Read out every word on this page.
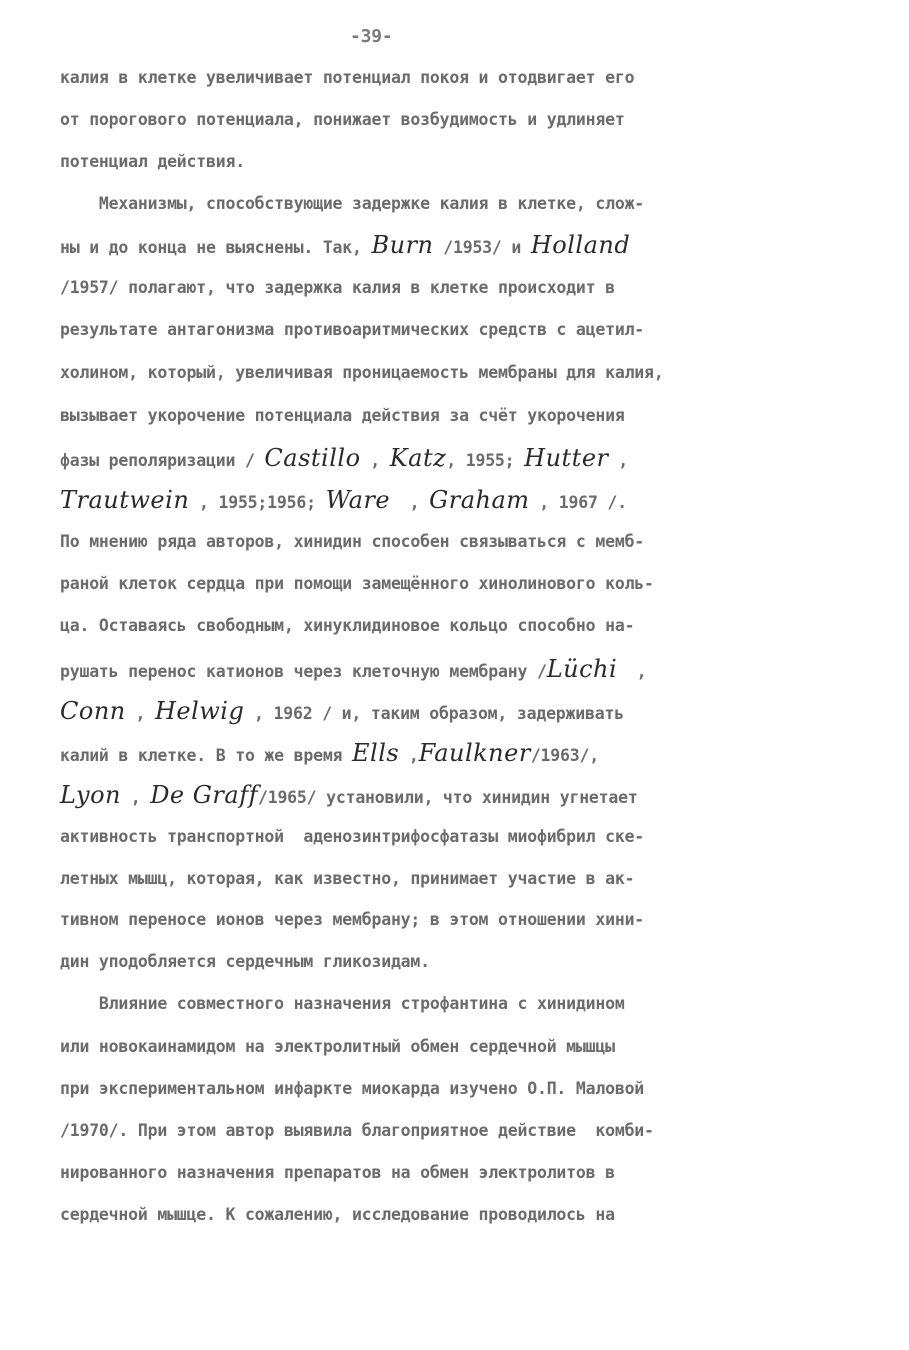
-39-
калия в клетке увеличивает потенциал покоя и отодвигает его
от порогового потенциала, понижает возбудимость и удлиняет
потенциал действия.
Механизмы, способствующие задержке калия в клетке, слож-
ны и до конца не выяснены. Так, Burn /1953/ и Holland
/1957/ полагают, что задержка калия в клетке происходит в
результате антагонизма противоаритмических средств с ацетил-
холином, который, увеличивая проницаемость мембраны для калия,
вызывает укорочение потенциала действия за счёт укорочения
фазы реполяризации / Castillo , Katz, 1955; Hutter ,
Trautwein , 1955;1956; Ware  , Graham , 1967 /.
По мнению ряда авторов, хинидин способен связываться с мемб-
раной клеток сердца при помощи замещённого хинолинового коль-
ца. Оставаясь свободным, хинуклидиновое кольцо способно на-
рушать перенос катионов через клеточную мембрану /Lüchi  ,
Conn , Helwig , 1962 / и, таким образом, задерживать
калий в клетке. В то же время Ells ,Faulkner/1963/,
Lyon , De Graff/1965/ установили, что хинидин угнетает
активность транспортной  аденозинтрифосфатазы миофибрил ске-
летных мышц, которая, как известно, принимает участие в ак-
тивном переносе ионов через мембрану; в этом отношении хини-
дин уподобляется сердечным гликозидам.
Влияние совместного назначения строфантина с хинидином
или новокаинамидом на электролитный обмен сердечной мышцы
при экспериментальном инфаркте миокарда изучено О.П. Маловой
/1970/. При этом автор выявила благоприятное действие  комби-
нированного назначения препаратов на обмен электролитов в
сердечной мышце. К сожалению, исследование проводилось на
